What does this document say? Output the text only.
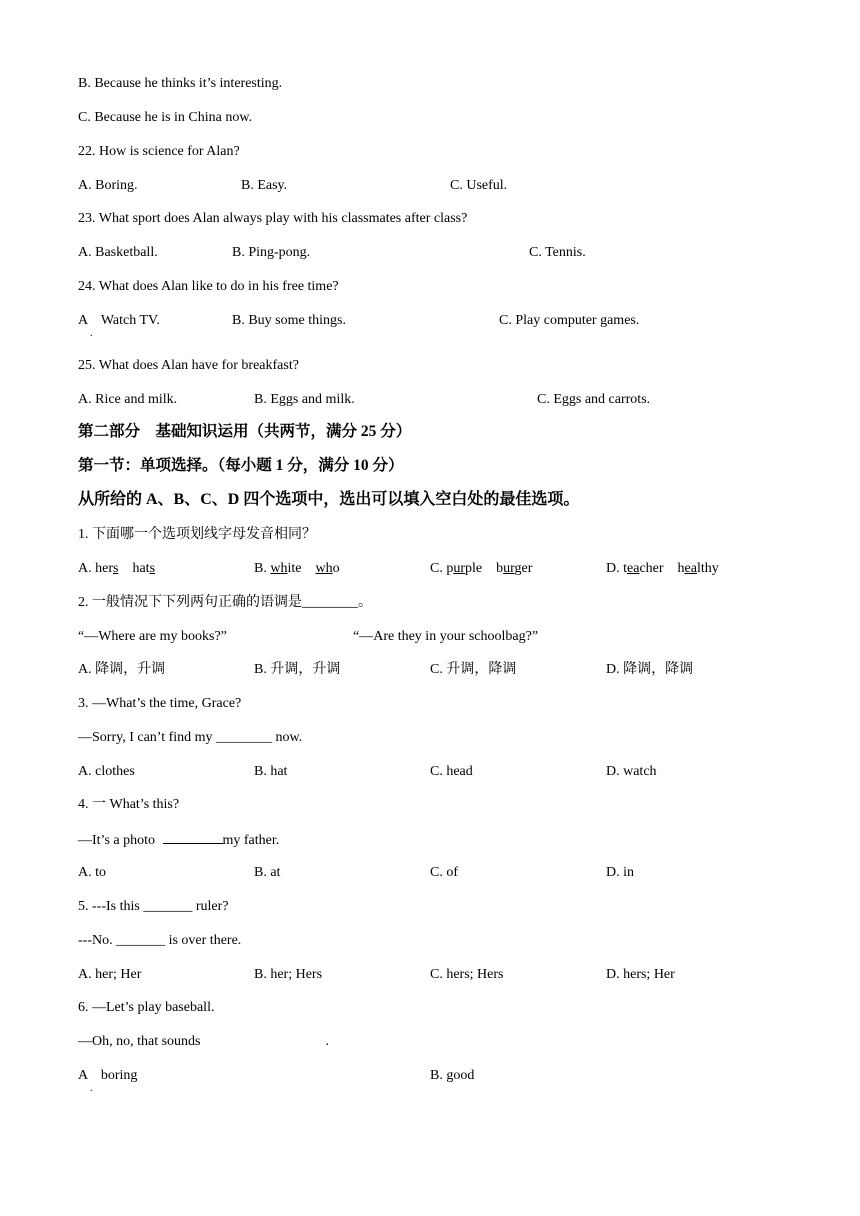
B. Because he thinks it’s interesting.
C. Because he is in China now.
22. How is science for Alan?
A. Boring.	B. Easy.	C. Useful.
23. What sport does Alan always play with his classmates after class?
A. Basketball.	B. Ping-pong.	C. Tennis.
24. What does Alan like to do in his free time?
A Watch TV.
.
B. Buy some things.	C. Play computer games.
25. What does Alan have for breakfast?
A. Rice and milk.	B. Eggs and milk.	C. Eggs and carrots.
第二部分　基础知识运用（共两节，满分 25 分）
第一节：单项选择。（每小题 1 分，满分 10 分）
从所给的 A、B、C、D 四个选项中，选出可以填入空白处的最佳选项。
1. 下面哪一个选项划线字母发音相同？
A. hers    hats	B. white    who	C. purple    burger	D. teacher    healthy
2. 一般情况下下列两句正确的语调是________。
“—Where are my books?”	“—Are they in your schoolbag?”
A. 降调，升调	B. 升调，升调	C. 升调，降调	D. 降调，降调
3. —What’s the time, Grace?
—Sorry, I can’t find my ________ now.
A. clothes	B. hat	C. head	D. watch
4. 一 What’s this?
—It’s a photo	my father.
A. to	B. at	C. of	D. in
5. ---Is this _______ ruler?
---No. _______ is over there.
A. her; Her	B. her; Hers	C. hers; Hers	D. hers; Her
6. —Let’s play baseball.
—Oh, no, that sounds	.
A boring
.
B. good
